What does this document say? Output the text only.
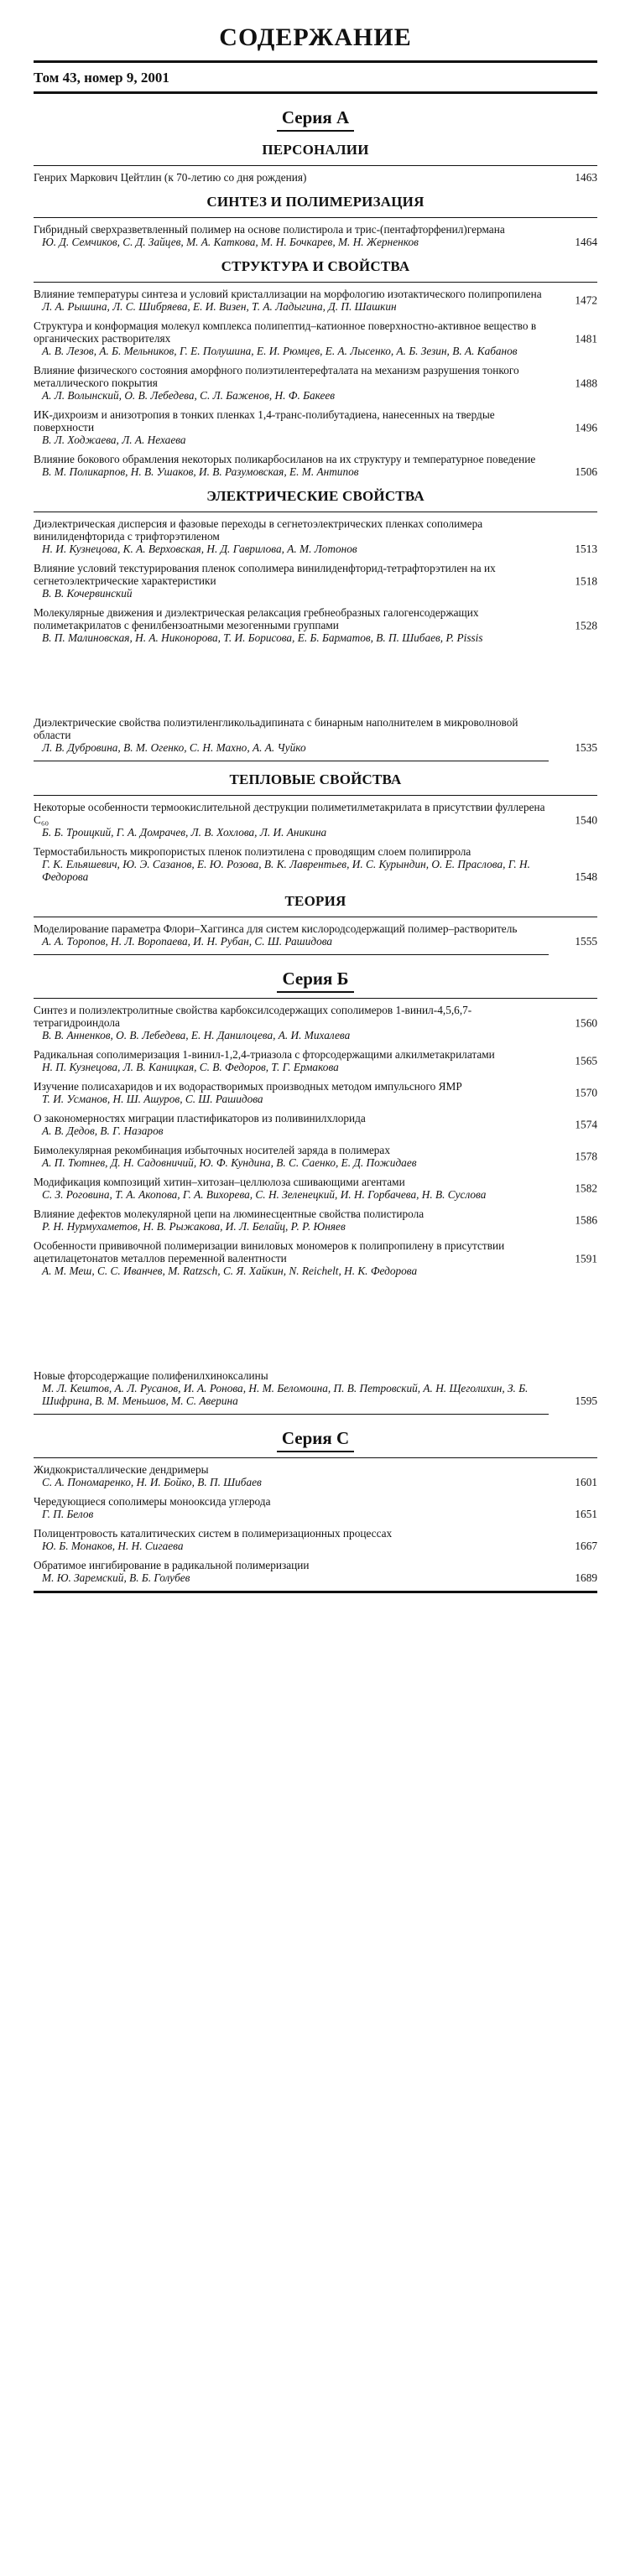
СОДЕРЖАНИЕ
Том 43, номер 9, 2001
Серия А
ПЕРСОНАЛИИ
Генрих Маркович Цейтлин (к 70-летию со дня рождения)	1463
СИНТЕЗ И ПОЛИМЕРИЗАЦИЯ
Гибридный сверхразветвленный полимер на основе полистирола и трис-(пентафторфенил)германа
Ю. Д. Семчиков, С. Д. Зайцев, М. А. Каткова, М. Н. Бочкарев, М. Н. Жерненков	1464
СТРУКТУРА И СВОЙСТВА
Влияние температуры синтеза и условий кристаллизации на морфологию изотактического полипропилена
Л. А. Рышина, Л. С. Шибряева, Е. И. Визен, Т. А. Ладыгина, Д. П. Шашкин	1472
Структура и конформация молекул комплекса полипептид–катионное поверхностно-активное вещество в органических растворителях
А. В. Лезов, А. Б. Мельников, Г. Е. Полушина, Е. И. Рюмцев, Е. А. Лысенко, А. Б. Зезин, В. А. Кабанов
1481
Влияние физического состояния аморфного полиэтилентерефталата на механизм разрушения тонкого металлического покрытия
А. Л. Волынский, О. В. Лебедева, С. Л. Баженов, Н. Ф. Бакеев
1488
ИК-дихроизм и анизотропия в тонких пленках 1,4-транс-полибутадиена, нанесенных на твердые поверхности
В. Л. Ходжаева, Л. А. Нехаева
1496
Влияние бокового обрамления некоторых поликарбосиланов на их структуру и температурное поведение
В. М. Поликарпов, Н. В. Ушаков, И. В. Разумовская, Е. М. Антипов	1506
ЭЛЕКТРИЧЕСКИЕ СВОЙСТВА
Диэлектрическая дисперсия и фазовые переходы в сегнетоэлектрических пленках сополимера винилиденфторида с трифторэтиленом
Н. И. Кузнецова, К. А. Верховская, Н. Д. Гаврилова, А. М. Лотонов	1513
Влияние условий текстурирования пленок сополимера винилиденфторид-тетрафторэтилен на их сегнетоэлектрические характеристики
В. В. Кочервинский
1518
Молекулярные движения и диэлектрическая релаксация гребнеобразных галогенсодержащих полиметакрилатов с фенилбензоатными мезогенными группами
В. П. Малиновская, Н. А. Никонорова, Т. И. Борисова, Е. Б. Барматов, В. П. Шибаев, P. Pissis
1528
Диэлектрические свойства полиэтиленгликольадипината с бинарным наполнителем в микроволновой области
Л. В. Дубровина, В. М. Огенко, С. Н. Махно, А. А. Чуйко	1535
ТЕПЛОВЫЕ СВОЙСТВА
Некоторые особенности термоокислительной деструкции полиметилметакрилата в присутствии фуллерена C₆₀
Б. Б. Троицкий, Г. А. Домрачев, Л. В. Хохлова, Л. И. Аникина
1540
Термостабильность микропористых пленок полиэтилена с проводящим слоем полипиррола
Г. К. Ельяшевич, Ю. Э. Сазанов, Е. Ю. Розова, В. К. Лаврентьев, И. С. Курындин, О. Е. Праслова, Г. Н. Федорова	1548
ТЕОРИЯ
Моделирование параметра Флори–Хаггинса для систем кислородсодержащий полимер–растворитель
А. А. Торопов, Н. Л. Воропаева, И. Н. Рубан, С. Ш. Рашидова	1555
Серия Б
Синтез и полиэлектролитные свойства карбоксилсодержащих сополимеров 1-винил-4,5,6,7-тетрагидроиндола
В. В. Анненков, О. В. Лебедева, Е. Н. Данилоцева, А. И. Михалева
1560
Радикальная сополимеризация 1-винил-1,2,4-триазола с фторсодержащими алкилметакрилатами
Н. П. Кузнецова, Л. В. Каницкая, С. В. Федоров, Т. Г. Ермакова	1565
Изучение полисахаридов и их водорастворимых производных методом импульсного ЯМР
Т. И. Усманов, Н. Ш. Ашуров, С. Ш. Рашидова	1570
О закономерностях миграции пластификаторов из поливинилхлорида
А. В. Дедов, В. Г. Назаров	1574
Бимолекулярная рекомбинация избыточных носителей заряда в полимерах
А. П. Тютнев, Д. Н. Садовничий, Ю. Ф. Кундина, В. С. Саенко, Е. Д. Пожидаев	1578
Модификация композиций хитин–хитозан–целлюлоза сшивающими агентами
С. З. Роговина, Т. А. Акопова, Г. А. Вихорева, С. Н. Зеленецкий, И. Н. Горбачева, Н. В. Суслова	1582
Влияние дефектов молекулярной цепи на люминесцентные свойства полистирола
Р. Н. Нурмухаметов, Н. В. Рыжакова, И. Л. Белайц, Р. Р. Юняев	1586
Особенности прививочной полимеризации виниловых мономеров к полипропилену в присутствии ацетилацетонатов металлов переменной валентности
А. М. Меш, С. С. Иванчев, M. Ratzsch, С. Я. Хайкин, N. Reichelt, Н. К. Федорова
1591
Новые фторсодержащие полифенилхиноксалины
М. Л. Кештов, А. Л. Русанов, И. А. Ронова, Н. М. Беломоина, П. В. Петровский, А. Н. Щеголихин, З. Б. Шифрина, В. М. Меньшов, М. С. Аверина	1595
Серия С
Жидкокристаллические дендримеры
С. А. Пономаренко, Н. И. Бойко, В. П. Шибаев	1601
Чередующиеся сополимеры монооксида углерода
Г. П. Белов	1651
Полицентровость каталитических систем в полимеризационных процессах
Ю. Б. Монаков, Н. Н. Сигаева	1667
Обратимое ингибирование в радикальной полимеризации
М. Ю. Заремский, В. Б. Голубев	1689
